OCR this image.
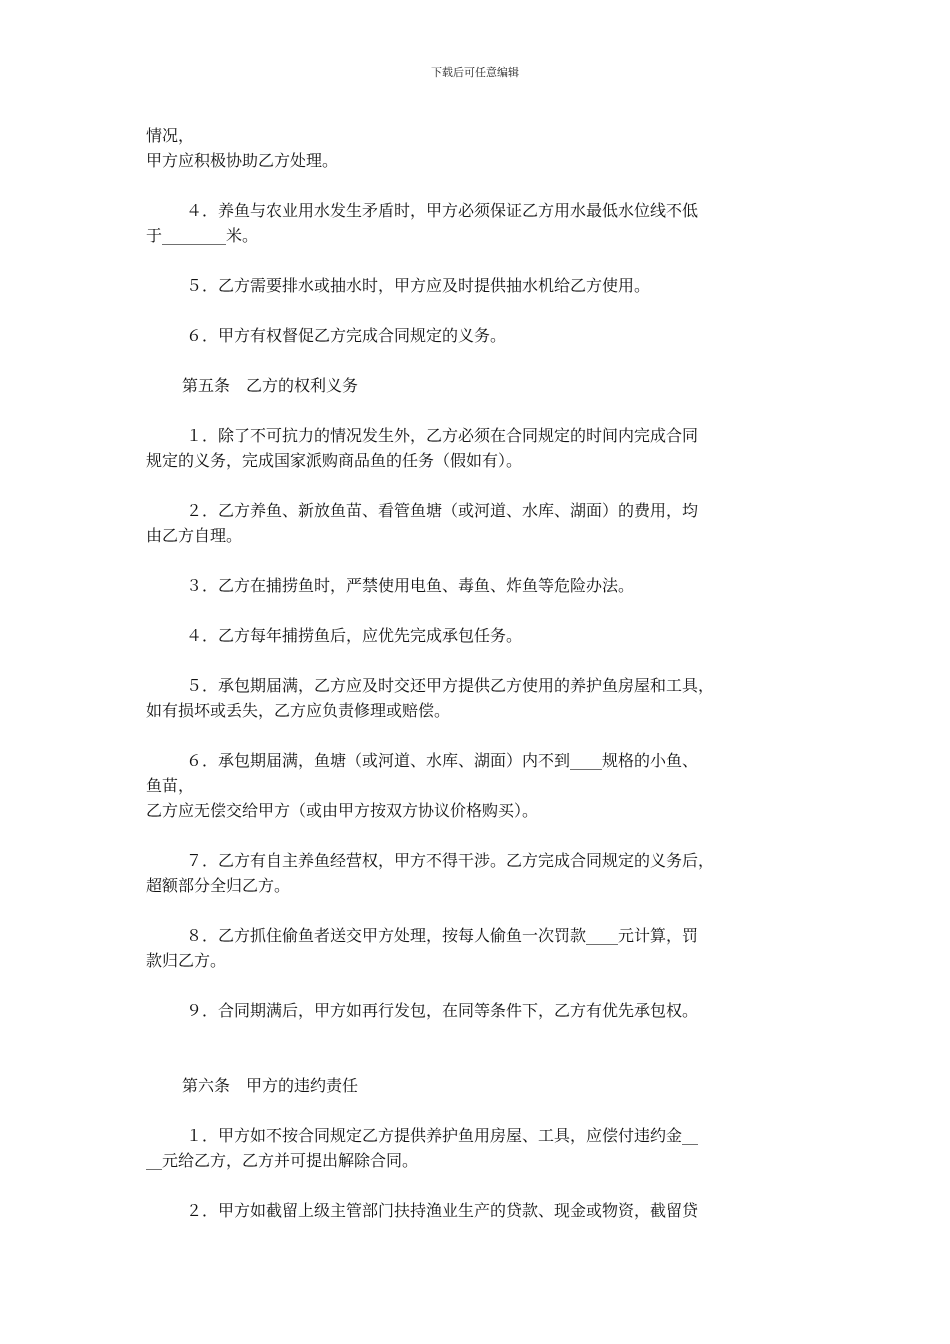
下载后可任意编辑
情况，
甲方应积极协助乙方处理。
４．养鱼与农业用水发生矛盾时，甲方必须保证乙方用水最低水位线不低
于________米。
５．乙方需要排水或抽水时，甲方应及时提供抽水机给乙方使用。
６．甲方有权督促乙方完成合同规定的义务。
第五条　乙方的权利义务
１．除了不可抗力的情况发生外，乙方必须在合同规定的时间内完成合同
规定的义务，完成国家派购商品鱼的任务（假如有）。
２．乙方养鱼、新放鱼苗、看管鱼塘（或河道、水库、湖面）的费用，均
由乙方自理。
３．乙方在捕捞鱼时，严禁使用电鱼、毒鱼、炸鱼等危险办法。
４．乙方每年捕捞鱼后，应优先完成承包任务。
５．承包期届满，乙方应及时交还甲方提供乙方使用的养护鱼房屋和工具，
如有损坏或丢失，乙方应负责修理或赔偿。
６．承包期届满，鱼塘（或河道、水库、湖面）内不到____规格的小鱼、
鱼苗，
乙方应无偿交给甲方（或由甲方按双方协议价格购买）。
７．乙方有自主养鱼经营权，甲方不得干涉。乙方完成合同规定的义务后，
超额部分全归乙方。
８．乙方抓住偷鱼者送交甲方处理，按每人偷鱼一次罚款____元计算，罚
款归乙方。
９．合同期满后，甲方如再行发包，在同等条件下，乙方有优先承包权。
第六条　甲方的违约责任
１．甲方如不按合同规定乙方提供养护鱼用房屋、工具，应偿付违约金__
__元给乙方，乙方并可提出解除合同。
２．甲方如截留上级主管部门扶持渔业生产的贷款、现金或物资，截留贷
